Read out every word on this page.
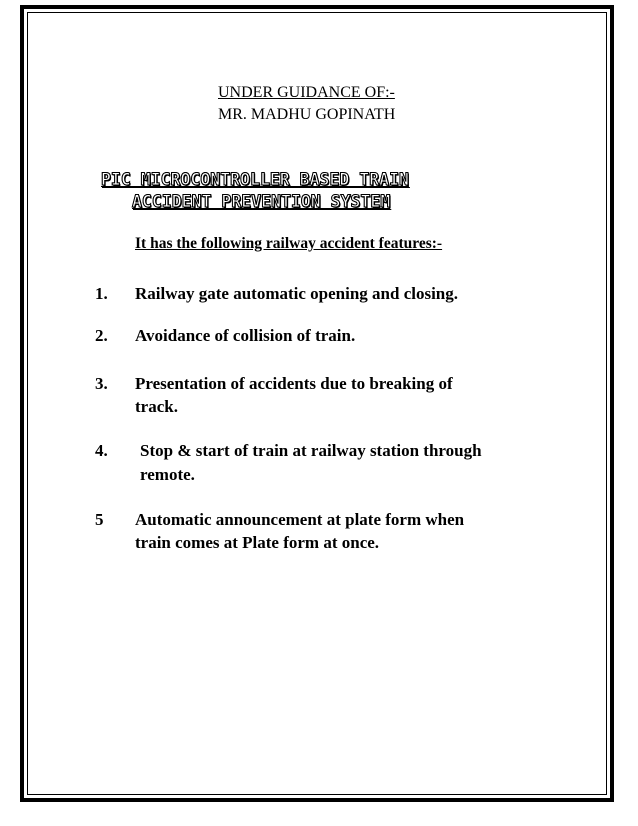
UNDER GUIDANCE OF:-
MR. MADHU GOPINATH
PIC MICROCONTROLLER BASED TRAIN
ACCIDENT PREVENTION SYSTEM
It has the following railway accident features:-
1. Railway gate automatic opening and closing.
2. Avoidance of collision of train.
3. Presentation of accidents due to breaking of
track.
4. Stop & start of train at railway station through
remote.
5 Automatic announcement at plate form when
train comes at Plate form at once.
